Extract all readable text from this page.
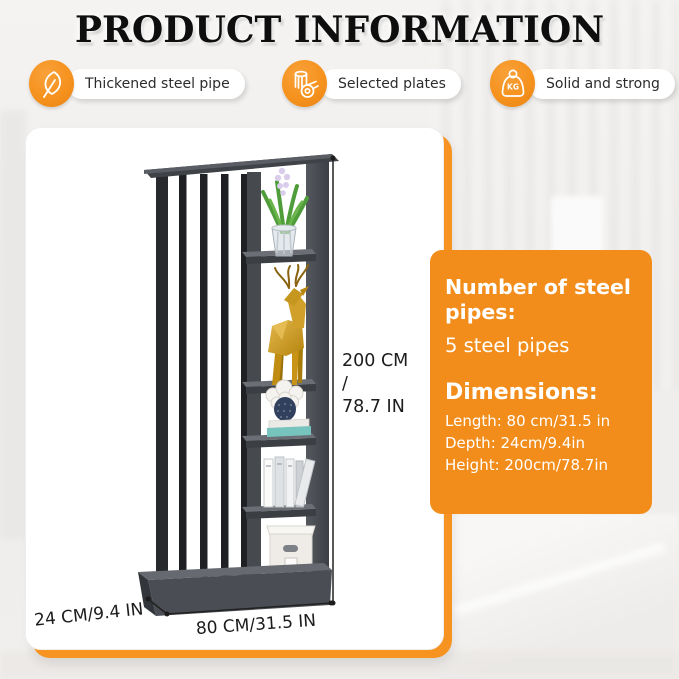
PRODUCT INFORMATION
Thickened steel pipe	Selected plates	KG	Solid and strong
200 CM
/
78.7 IN
80 CM/31.5 IN
24 CM/9.4 IN
Number of steel pipes:
5 steel pipes
Dimensions:
Length: 80 cm/31.5 in
Depth: 24cm/9.4in
Height: 200cm/78.7in
